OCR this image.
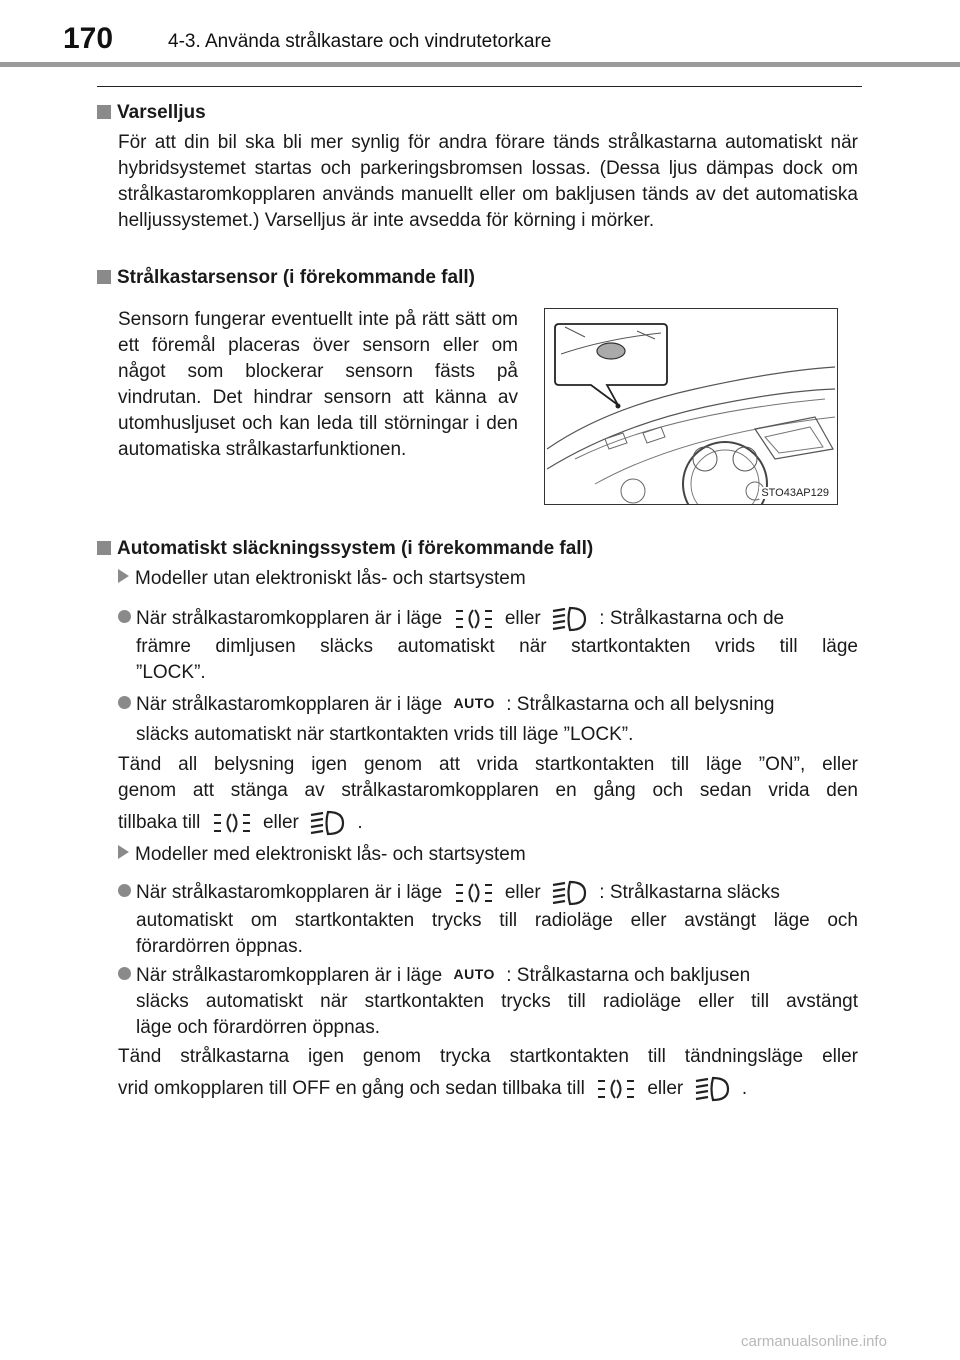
170	4-3. Använda strålkastare och vindrutetorkare
Varselljus

För att din bil ska bli mer synlig för andra förare tänds strålkastarna automatiskt när hybridsystemet startas och parkeringsbromsen lossas. (Dessa ljus dämpas dock om strålkastaromkopplaren används manuellt eller om bakljusen tänds av det automatiska helljussystemet.) Varselljus är inte avsedda för körning i mörker.

Strålkastarsensor (i förekommande fall)

Sensorn fungerar eventuellt inte på rätt sätt om ett föremål placeras över sensorn eller om något som blockerar sensorn fästs på vindrutan. Det hindrar sensorn att känna av utomhusljuset och kan leda till störningar i den automatiska strålkastarfunktionen.

STO43AP129
Automatiskt släckningssystem (i förekommande fall)
Modeller utan elektroniskt lås- och startsystem
När strålkastaromkopplaren är i läge	eller	: Strålkastarna och de
främre dimljusen släcks automatiskt när startkontakten vrids till läge
”LOCK”.
När strålkastaromkopplaren är i läge AUTO : Strålkastarna och all belysning
släcks automatiskt när startkontakten vrids till läge ”LOCK”.
Tänd all belysning igen genom att vrida startkontakten till läge ”ON”, eller
genom att stänga av strålkastaromkopplaren en gång och sedan vrida den
tillbaka till	eller	.
Modeller med elektroniskt lås- och startsystem
När strålkastaromkopplaren är i läge	eller	: Strålkastarna släcks
automatiskt om startkontakten trycks till radioläge eller avstängt läge och
förardörren öppnas.
När strålkastaromkopplaren är i läge AUTO : Strålkastarna och bakljusen
släcks automatiskt när startkontakten trycks till radioläge eller till avstängt
läge och förardörren öppnas.
Tänd strålkastarna igen genom trycka startkontakten till tändningsläge eller
vrid omkopplaren till OFF en gång och sedan tillbaka till	eller	.
carmanualsonline.info
